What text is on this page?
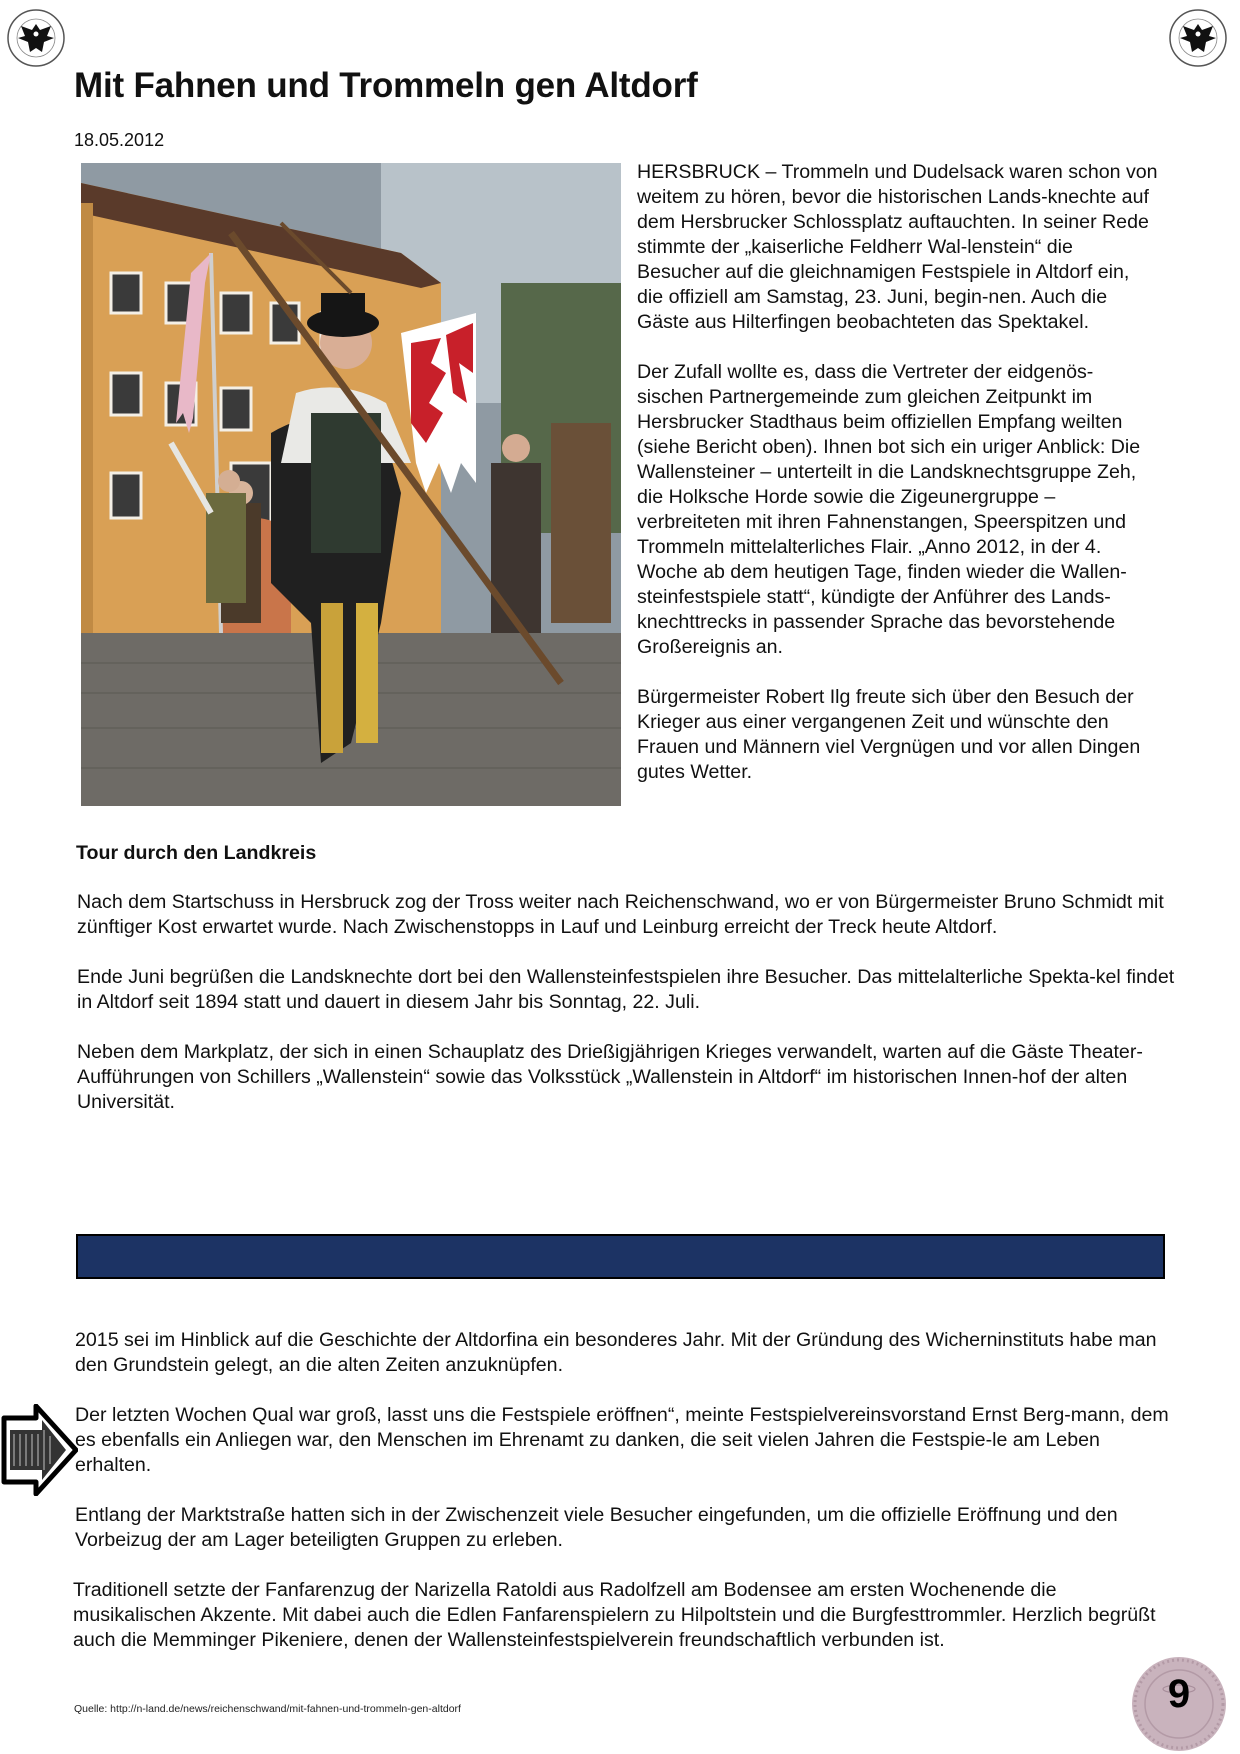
Mit Fahnen und Trommeln gen Altdorf
18.05.2012

HERSBRUCK – Trommeln und Dudelsack waren schon von weitem zu hören, bevor die historischen Lands-knechte auf dem Hersbrucker Schlossplatz auftauchten. In seiner Rede stimmte der „kaiserliche Feldherr Wal-lenstein“ die Besucher auf die gleichnamigen Festspiele in Altdorf ein, die offiziell am Samstag, 23. Juni, begin-nen. Auch die Gäste aus Hilterfingen beobachteten das Spektakel.

Der Zufall wollte es, dass die Vertreter der eidgenös-sischen Partnergemeinde zum gleichen Zeitpunkt im Hersbrucker Stadthaus beim offiziellen Empfang weilten (siehe Bericht oben). Ihnen bot sich ein uriger Anblick: Die Wallensteiner – unterteilt in die Landsknechtsgruppe Zeh, die Holksche Horde sowie die Zigeunergruppe – verbreiteten mit ihren Fahnenstangen, Speerspitzen und Trommeln mittelalterliches Flair. „Anno 2012, in der 4. Woche ab dem heutigen Tage, finden wieder die Wallen-steinfestspiele statt“, kündigte der Anführer des Lands-knechttrecks in passender Sprache das bevorstehende Großereignis an.

Bürgermeister Robert Ilg freute sich über den Besuch der Krieger aus einer vergangenen Zeit und wünschte den Frauen und Männern viel Vergnügen und vor allen Dingen gutes Wetter.

Tour durch den Landkreis

Nach dem Startschuss in Hersbruck zog der Tross weiter nach Reichenschwand, wo er von Bürgermeister Bruno Schmidt mit zünftiger Kost erwartet wurde. Nach Zwischenstopps in Lauf und Leinburg erreicht der Treck heute Altdorf.

Ende Juni begrüßen die Landsknechte dort bei den Wallensteinfestspielen ihre Besucher. Das mittelalterliche Spekta-kel findet in Altdorf seit 1894 statt und dauert in diesem Jahr bis Sonntag, 22. Juli.

Neben dem Markplatz, der sich in einen Schauplatz des Drießigjährigen Krieges verwandelt, warten auf die Gäste Theater-Aufführungen von Schillers „Wallenstein“ sowie das Volksstück „Wallenstein in Altdorf“ im historischen Innen-hof der alten Universität.

2015 sei im Hinblick auf die Geschichte der Altdorfina ein besonderes Jahr. Mit der Gründung des Wicherninstituts habe man den Grundstein gelegt, an die alten Zeiten anzuknüpfen.

Der letzten Wochen Qual war groß, lasst uns die Festspiele eröffnen“, meinte Festspielvereinsvorstand Ernst Berg-mann, dem es ebenfalls ein Anliegen war, den Menschen im Ehrenamt zu danken, die seit vielen Jahren die Festspie-le am Leben erhalten.

Entlang der Marktstraße hatten sich in der Zwischenzeit viele Besucher eingefunden, um die offizielle Eröffnung und den Vorbeizug der am Lager beteiligten Gruppen zu erleben.

Traditionell setzte der Fanfarenzug der Narizella Ratoldi aus Radolfzell am Bodensee am ersten Wochenende die musikalischen Akzente. Mit dabei auch die Edlen Fanfarenspielern zu Hilpoltstein und die Burgfesttrommler. Herzlich begrüßt auch die Memminger Pikeniere, denen der Wallensteinfestspielverein freundschaftlich verbunden ist.

Quelle: http://n-land.de/news/reichenschwand/mit-fahnen-und-trommeln-gen-altdorf	9
